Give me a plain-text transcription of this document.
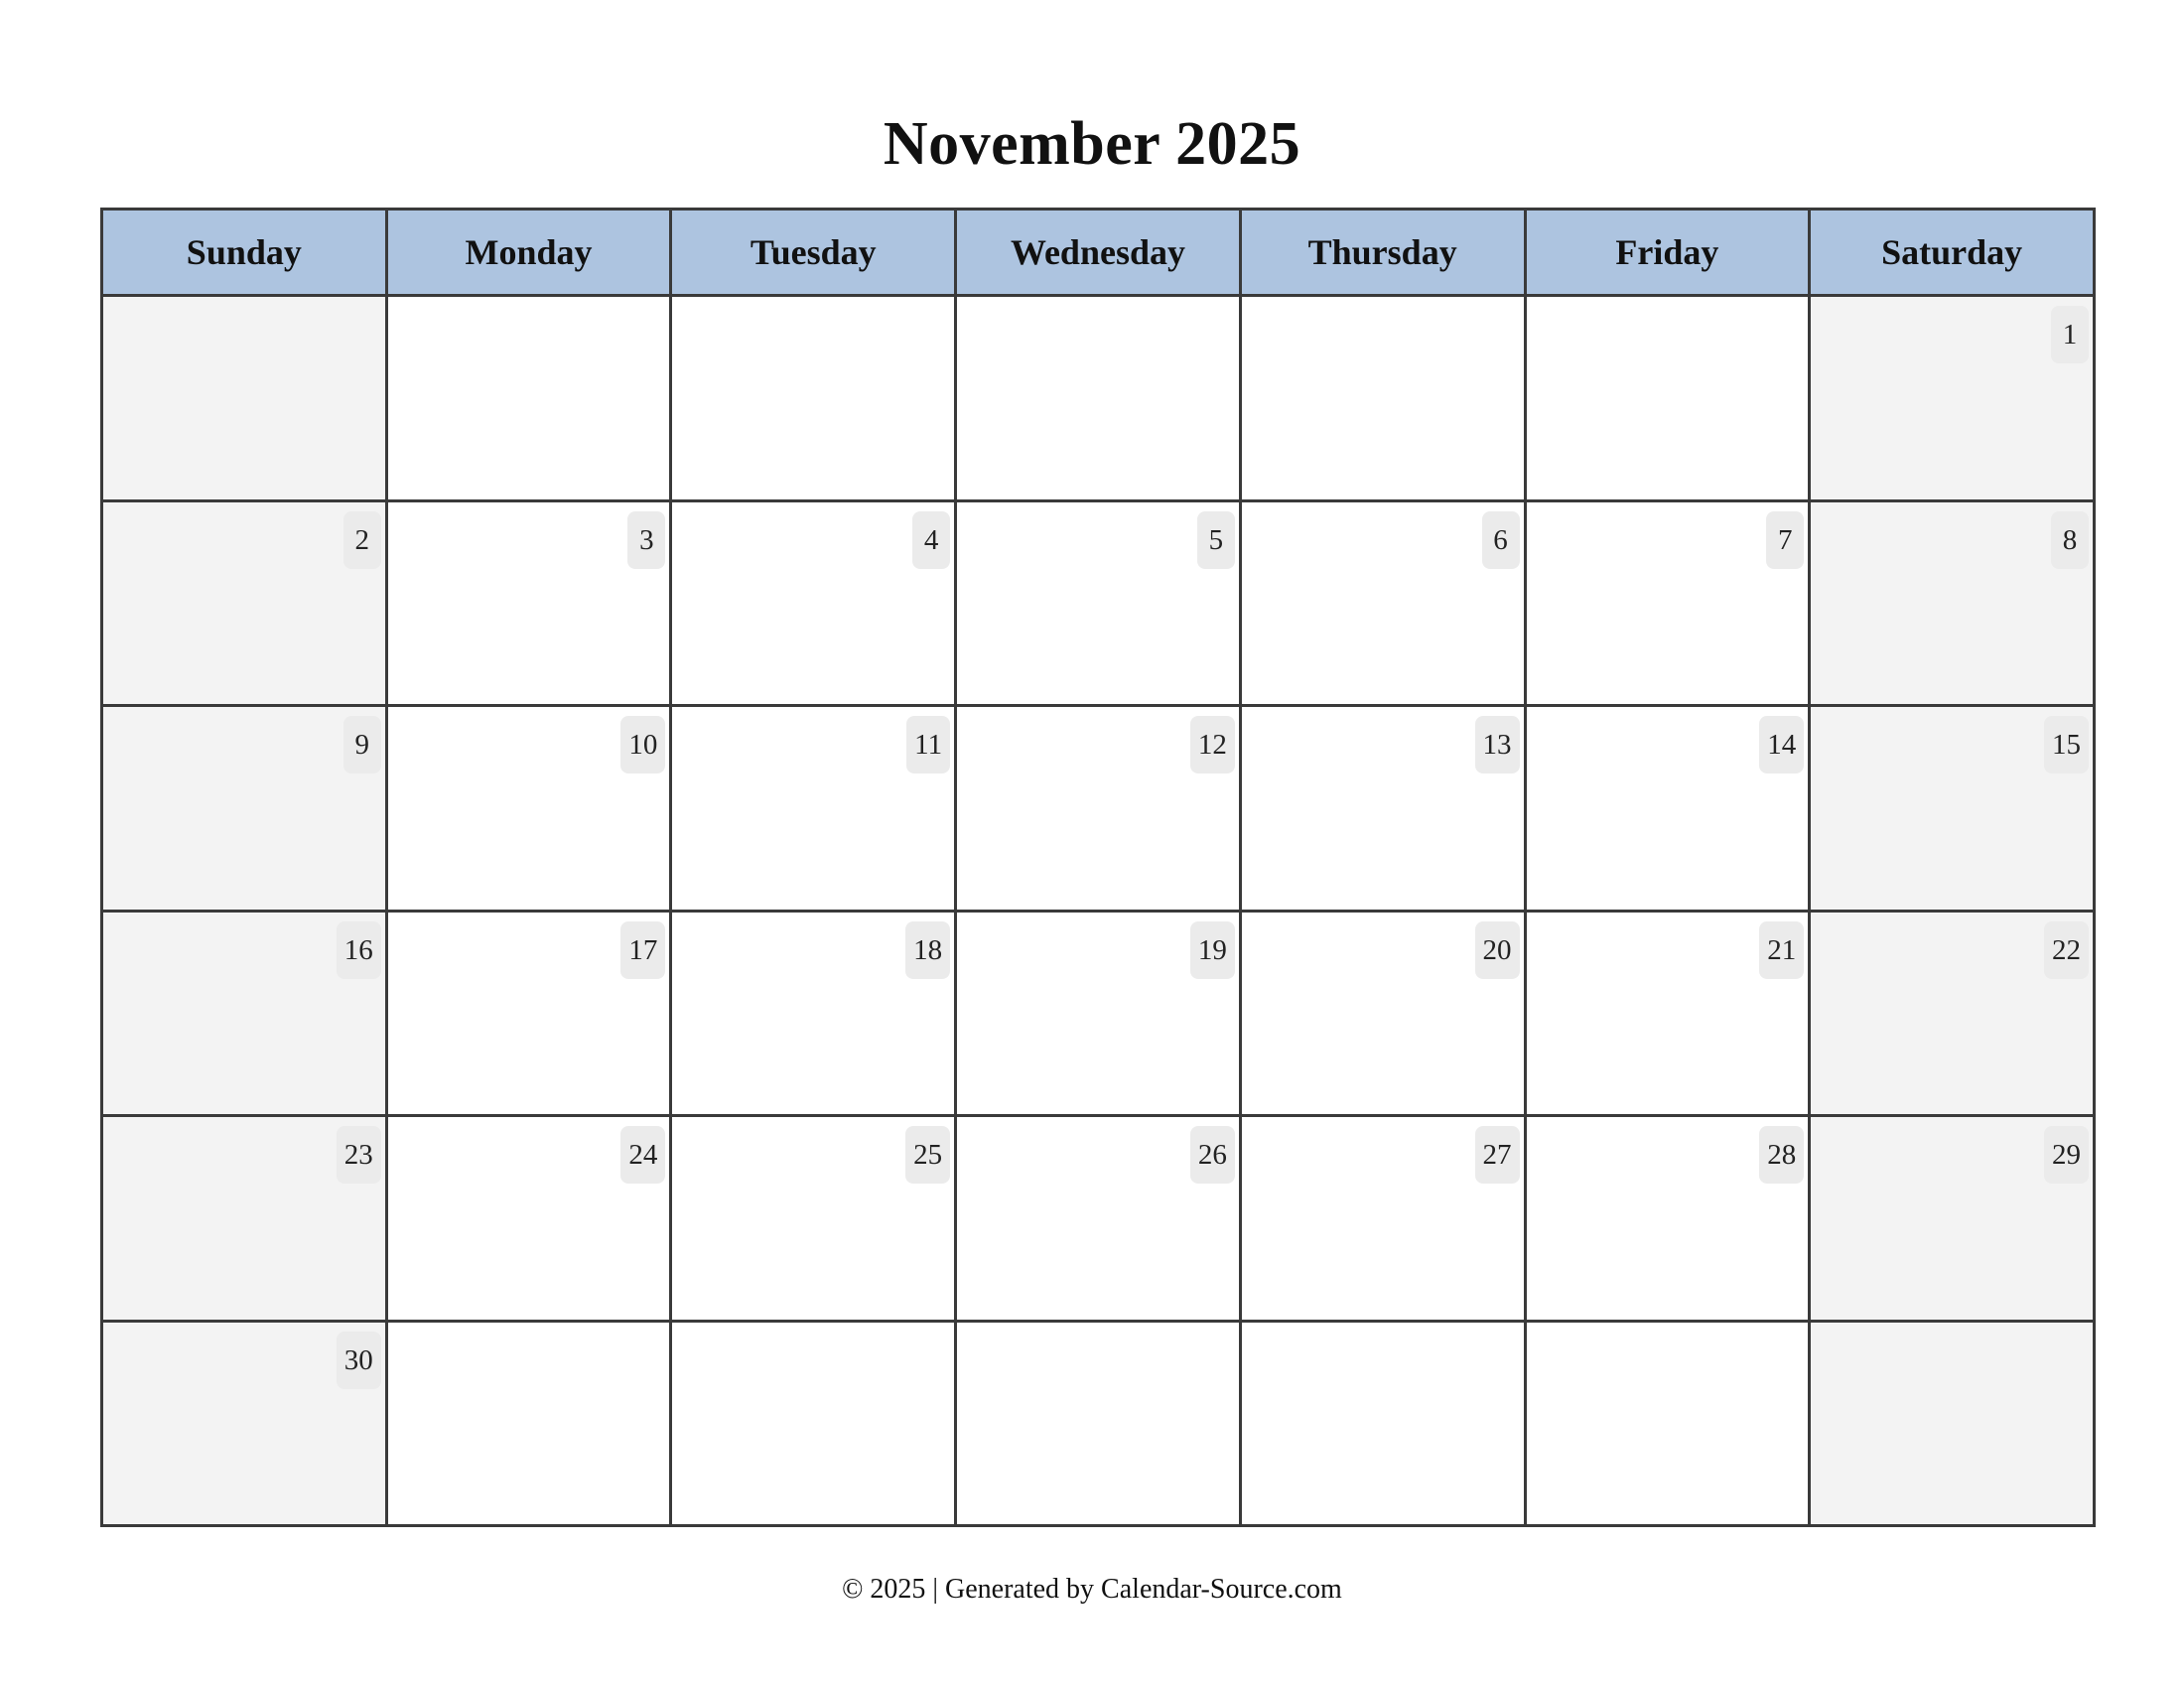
November 2025
Sunday	Monday	Tuesday	Wednesday	Thursday	Friday	Saturday

						1

2	3	4	5	6	7	8

9	10	11	12	13	14	15

16	17	18	19	20	21	22

23	24	25	26	27	28	29

30						

© 2025 | Generated by Calendar-Source.com
